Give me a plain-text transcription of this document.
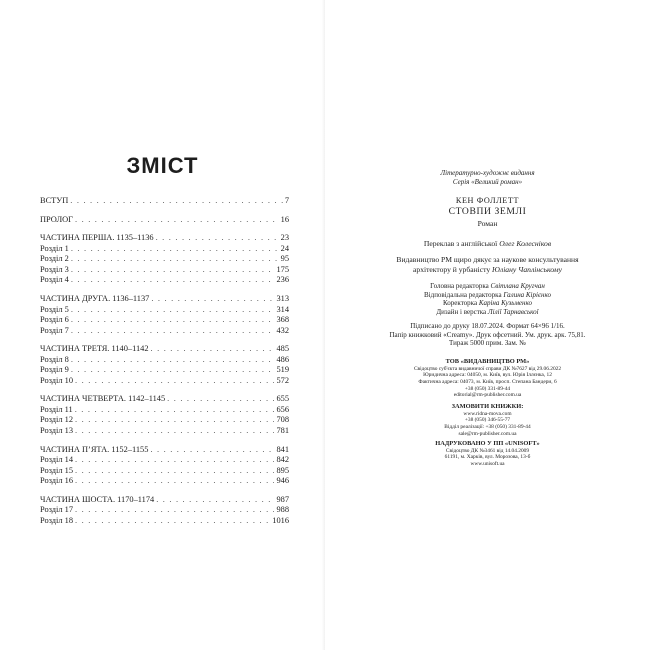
ЗМІСТ
ВСТУП . . .	7
ПРОЛОГ . . .	16
ЧАСТИНА ПЕРША. 1135–1136 . . .	23
Розділ 1 . . .	24
Розділ 2 . . .	95
Розділ 3 . . .	175
Розділ 4 . . .	236
ЧАСТИНА ДРУГА. 1136–1137 . . .	313
Розділ 5 . . .	314
Розділ 6 . . .	368
Розділ 7 . . .	432
ЧАСТИНА ТРЕТЯ. 1140–1142 . . .	485
Розділ 8 . . .	486
Розділ 9 . . .	519
Розділ 10 . . .	572
ЧАСТИНА ЧЕТВЕРТА. 1142–1145 . . .	655
Розділ 11 . . .	656
Розділ 12 . . .	708
Розділ 13 . . .	781
ЧАСТИНА П’ЯТА. 1152–1155 . . .	841
Розділ 14 . . .	842
Розділ 15 . . .	895
Розділ 16 . . .	946
ЧАСТИНА ШОСТА. 1170–1174 . . .	987
Розділ 17 . . .	988
Розділ 18 . . .	1016
Літературно-художнє видання
Серія «Великий роман»
КЕН ФОЛЛЕТТ
СТОВПИ ЗЕМЛІ
Роман
Переклав з англійської Олег Колесніков
Видавництво РМ щиро дякує за наукове консультування
архітектору й урбаністу Юліану Чаплінському
Головна редакторка Світлана Кругчан
Відповідальна редакторка Галина Кірієнко
Коректорка Каріна Кузьменко
Дизайн і верстка Лілії Тарнавської
Підписано до друку 18.07.2024. Формат 64×96 1/16.
Папір книжковий «Creamy». Друк офсетний. Ум. друк. арк. 75,81.
Тираж 5000 прим. Зам. №
ТОВ «ВИДАВНИЦТВО РМ»
Свідоцтво суб'єкта видавничої справи ДК №7627 від 29.06.2022
Юридична адреса: 04050, м. Київ, вул. Юрія Іллєнка, 12
Фактична адреса: 04073, м. Київ, просп. Степана Бандери, 6
+38 (050) 331-89-44
editorial@rm-publisher.com.ua
ЗАМОВИТИ КНИЖКИ:
www.ridna-mova.com
+38 (050) 346-55-77
Відділ реалізації: +38 (050) 331-89-44
sale@rm-publisher.com.ua
НАДРУКОВАНО У ПП «UNISOFT»
Свідоцтво ДК №3461 від 14.04.2009
61191, м. Харків, вул. Морозова, 13-б
www.unisoft.ua
